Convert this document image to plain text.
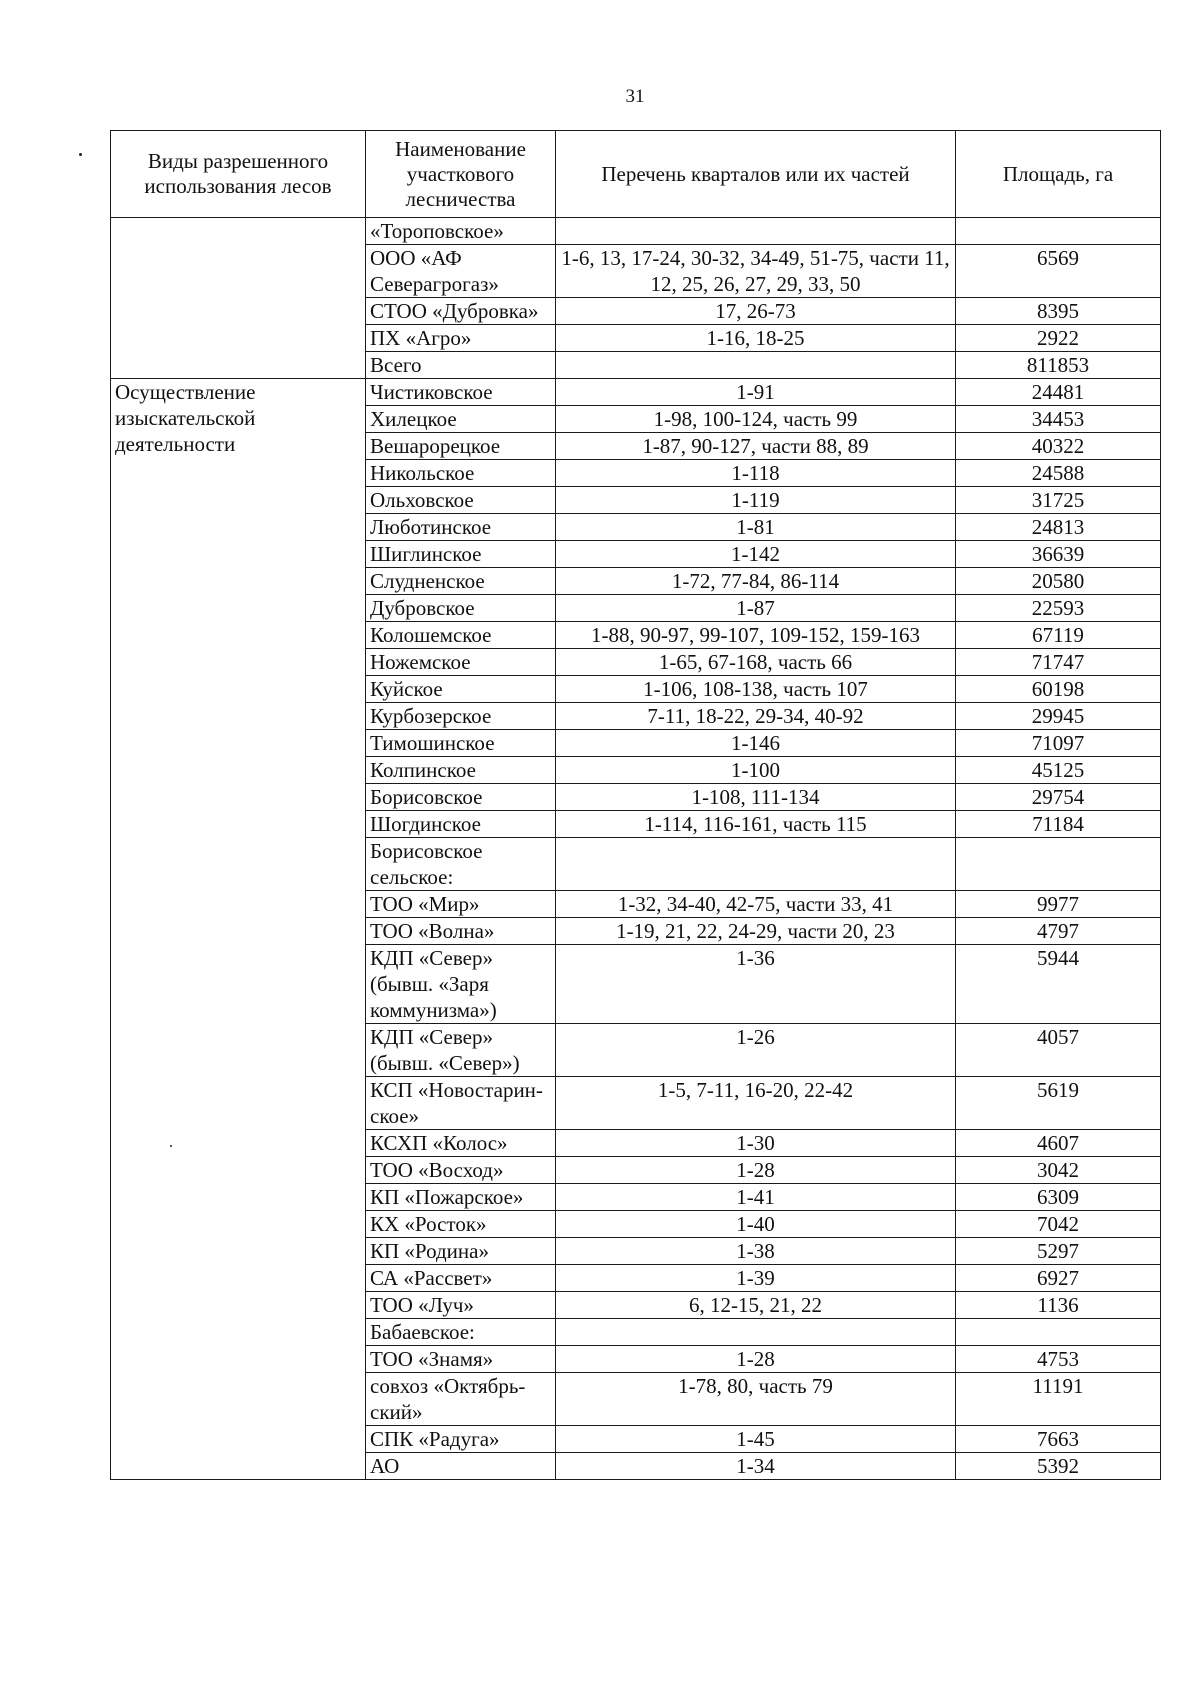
31
Виды разрешенного использования лесов	Наименование участкового лесничества	Перечень кварталов или их частей	Площадь, га
	«Тороповское»		
	ООО «АФ Северагрогаз»	1-6, 13, 17-24, 30-32, 34-49, 51-75, части 11, 12, 25, 26, 27, 29, 33, 50	6569
	СТОО «Дубровка»	17, 26-73	8395
	ПХ «Агро»	1-16, 18-25	2922
	Всего		811853
Осуществление изыскательской деятельности	Чистиковское	1-91	24481
	Хилецкое	1-98, 100-124, часть 99	34453
	Вешарорецкое	1-87, 90-127, части 88, 89	40322
	Никольское	1-118	24588
	Ольховское	1-119	31725
	Люботинское	1-81	24813
	Шиглинское	1-142	36639
	Слудненское	1-72, 77-84, 86-114	20580
	Дубровское	1-87	22593
	Колошемское	1-88, 90-97, 99-107, 109-152, 159-163	67119
	Ножемское	1-65, 67-168, часть 66	71747
	Куйское	1-106, 108-138, часть 107	60198
	Курбозерское	7-11, 18-22, 29-34, 40-92	29945
	Тимошинское	1-146	71097
	Колпинское	1-100	45125
	Борисовское	1-108, 111-134	29754
	Шогдинское	1-114, 116-161, часть 115	71184
	Борисовское сельское:		
	ТОО «Мир»	1-32, 34-40, 42-75, части 33, 41	9977
	ТОО «Волна»	1-19, 21, 22, 24-29, части 20, 23	4797
	КДП «Север» (бывш. «Заря коммунизма»)	1-36	5944
	КДП «Север» (бывш. «Север»)	1-26	4057
	КСП «Новостарин-ское»	1-5, 7-11, 16-20, 22-42	5619
	КСХП «Колос»	1-30	4607
	ТОО «Восход»	1-28	3042
	КП «Пожарское»	1-41	6309
	КХ «Росток»	1-40	7042
	КП «Родина»	1-38	5297
	СА «Рассвет»	1-39	6927
	ТОО «Луч»	6, 12-15, 21, 22	1136
	Бабаевское:		
	ТОО «Знамя»	1-28	4753
	совхоз «Октябрь-ский»	1-78, 80, часть 79	11191
	СПК «Радуга»	1-45	7663
	АО	1-34	5392
